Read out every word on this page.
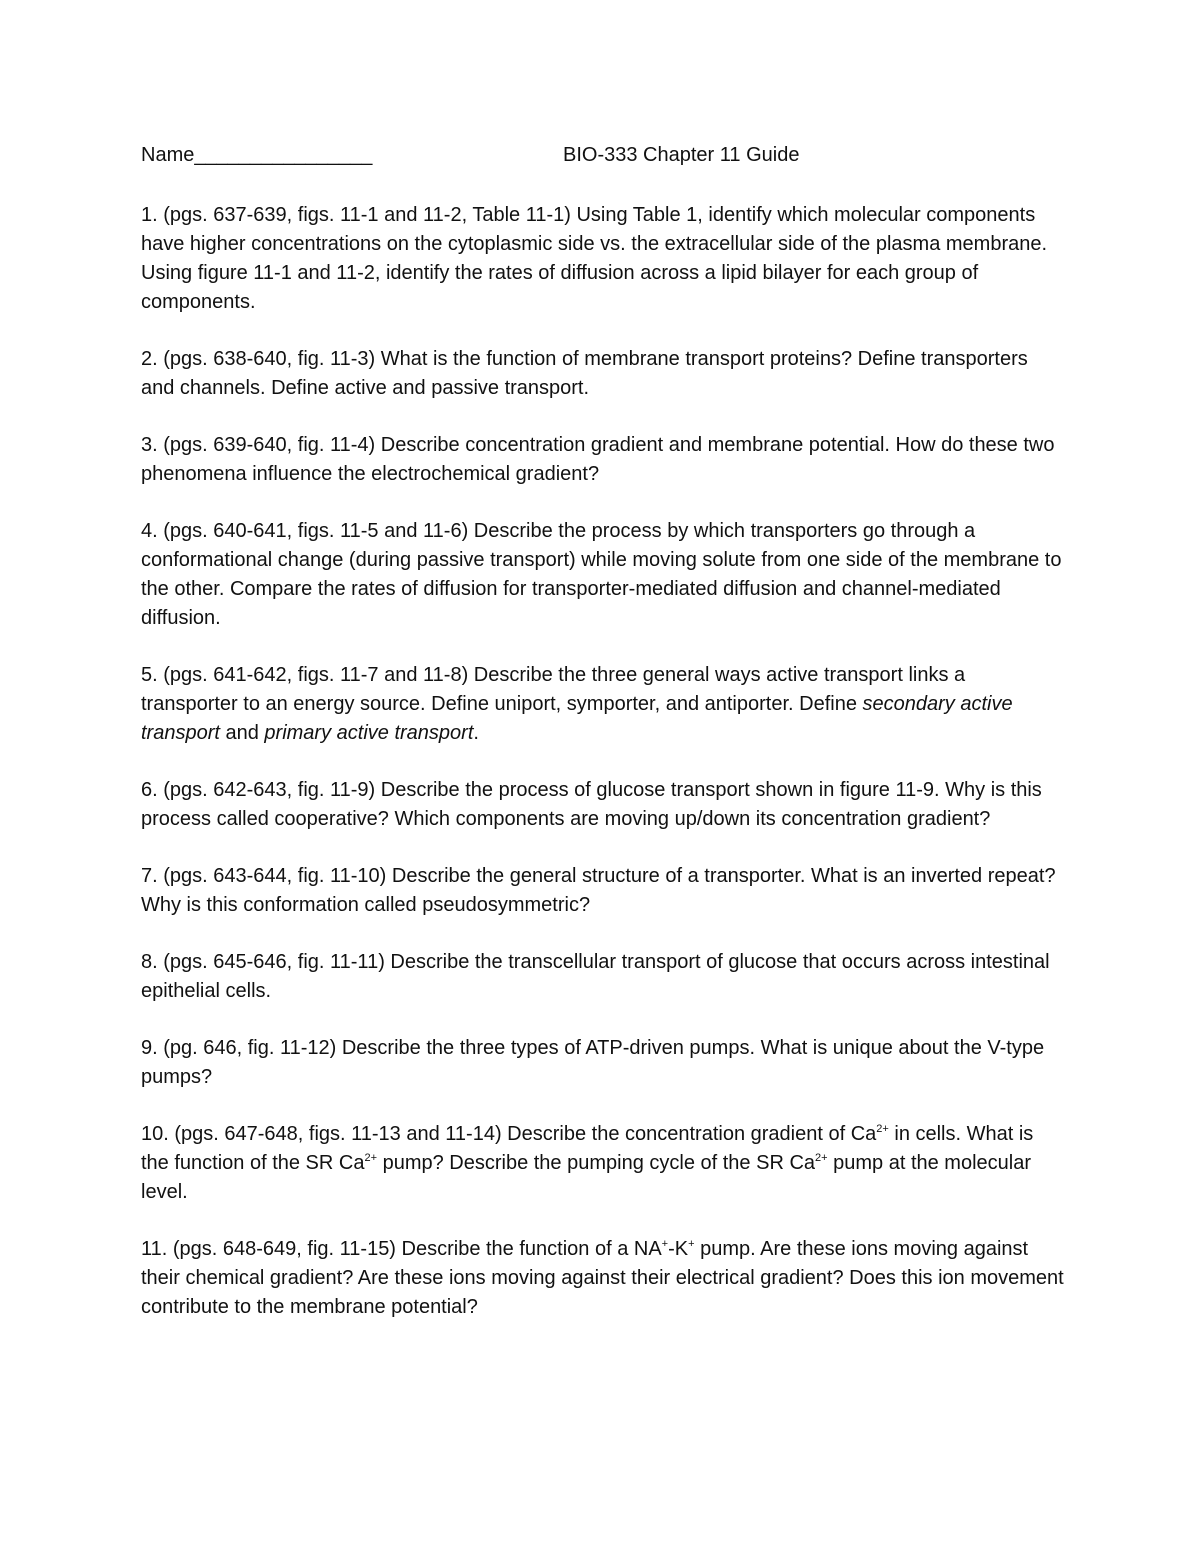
Name________________	BIO-333 Chapter 11 Guide

1. (pgs. 637-639, figs. 11-1 and 11-2, Table 11-1) Using Table 1, identify which molecular components have higher concentrations on the cytoplasmic side vs. the extracellular side of the plasma membrane. Using figure 11-1 and 11-2, identify the rates of diffusion across a lipid bilayer for each group of components.

2. (pgs. 638-640, fig. 11-3) What is the function of membrane transport proteins? Define transporters and channels. Define active and passive transport.

3. (pgs. 639-640, fig. 11-4) Describe concentration gradient and membrane potential. How do these two phenomena influence the electrochemical gradient?

4. (pgs. 640-641, figs. 11-5 and 11-6) Describe the process by which transporters go through a conformational change (during passive transport) while moving solute from one side of the membrane to the other. Compare the rates of diffusion for transporter-mediated diffusion and channel-mediated diffusion.

5. (pgs. 641-642, figs. 11-7 and 11-8) Describe the three general ways active transport links a transporter to an energy source. Define uniport, symporter, and antiporter. Define secondary active transport and primary active transport.

6. (pgs. 642-643, fig. 11-9) Describe the process of glucose transport shown in figure 11-9. Why is this process called cooperative? Which components are moving up/down its concentration gradient?

7. (pgs. 643-644, fig. 11-10) Describe the general structure of a transporter. What is an inverted repeat? Why is this conformation called pseudosymmetric?

8. (pgs. 645-646, fig. 11-11) Describe the transcellular transport of glucose that occurs across intestinal epithelial cells.

9. (pg. 646, fig. 11-12) Describe the three types of ATP-driven pumps. What is unique about the V-type pumps?

10. (pgs. 647-648, figs. 11-13 and 11-14) Describe the concentration gradient of $Ca^{2+}$ in cells. What is the function of the SR $Ca^{2+}$ pump? Describe the pumping cycle of the SR $Ca^{2+}$ pump at the molecular level.

11. (pgs. 648-649, fig. 11-15) Describe the function of a NA+-K+ pump. Are these ions moving against their chemical gradient? Are these ions moving against their electrical gradient? Does this ion movement contribute to the membrane potential?
